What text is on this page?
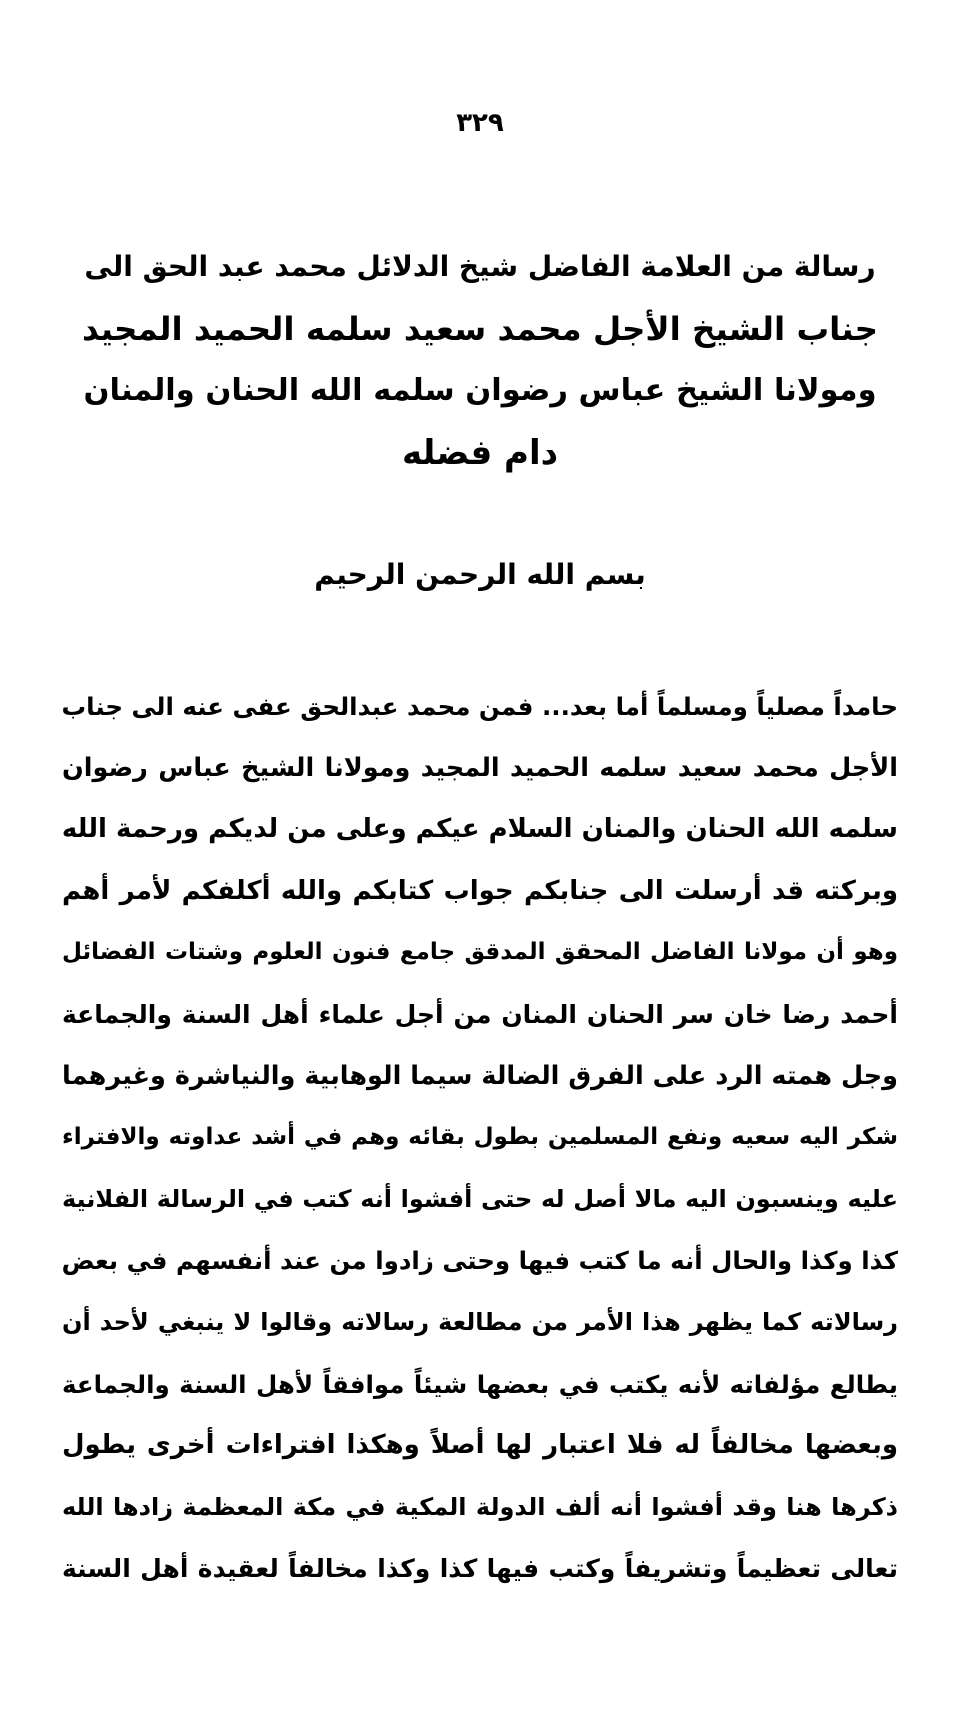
٣٢٩
رسالة من العلامة الفاضل شيخ الدلائل محمد عبد الحق الى
جناب الشيخ الأجل محمد سعيد سلمه الحميد المجيد
ومولانا الشيخ عباس رضوان سلمه الله الحنان والمنان
دام فضله
بسم الله الرحمن الرحيم
حامداً مصلياً ومسلماً أما بعد... فمن محمد عبدالحق عفى عنه الى جناب
الأجل محمد سعيد سلمه الحميد المجيد ومولانا الشيخ عباس رضوان
سلمه الله الحنان والمنان السلام عيكم وعلى من لديكم ورحمة الله
وبركته قد أرسلت الى جنابكم جواب كتابكم والله أكلفكم لأمر أهم
وهو أن مولانا الفاضل المحقق المدقق جامع فنون العلوم وشتات الفضائل
أحمد رضا خان سر الحنان المنان من أجل علماء أهل السنة والجماعة
وجل همته الرد على الفرق الضالة سيما الوهابية والنياشرة وغيرهما
شكر اليه سعيه ونفع المسلمين بطول بقائه وهم في أشد عداوته والافتراء
عليه وينسبون اليه مالا أصل له حتى أفشوا أنه كتب في الرسالة الفلانية
كذا وكذا والحال أنه ما كتب فيها وحتى زادوا من عند أنفسهم في بعض
رسالاته كما يظهر هذا الأمر من مطالعة رسالاته وقالوا لا ينبغي لأحد أن
يطالع مؤلفاته لأنه يكتب في بعضها شيئاً موافقاً لأهل السنة والجماعة
وبعضها مخالفاً له فلا اعتبار لها أصلاً وهكذا افتراءات أخرى يطول
ذكرها هنا وقد أفشوا أنه ألف الدولة المكية في مكة المعظمة زادها الله
تعالى تعظيماً وتشريفاً وكتب فيها كذا وكذا مخالفاً لعقيدة أهل السنة
